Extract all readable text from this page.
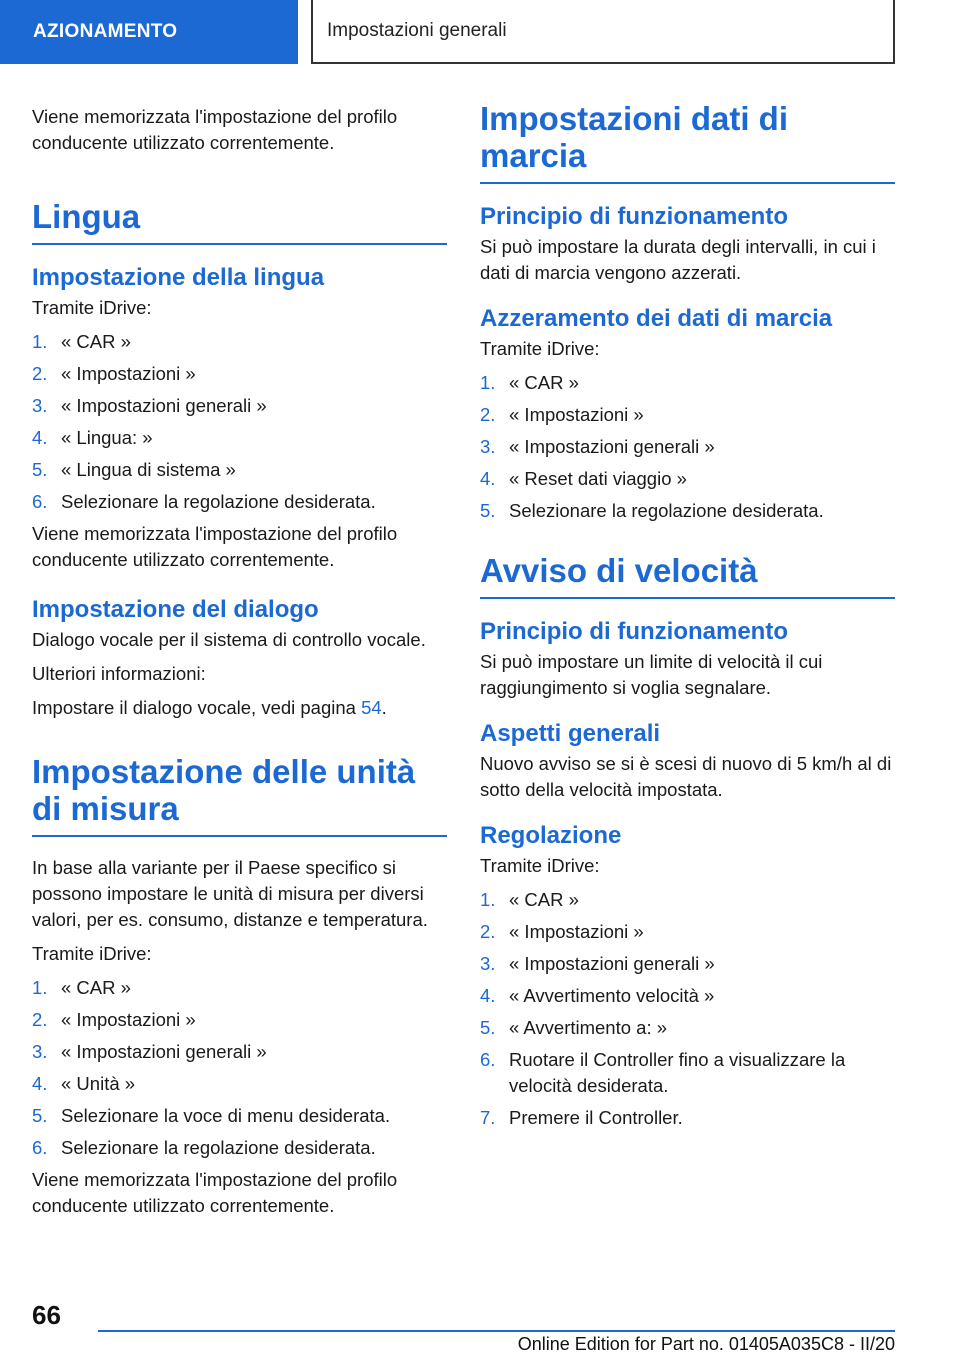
AZIONAMENTO	Impostazioni generali

Viene memorizzata l'impostazione del profilo conducente utilizzato correntemente.

Lingua
Impostazione della lingua

Tramite iDrive:

1. « CAR »
2. « Impostazioni »
3. « Impostazioni generali »
4. « Lingua: »
5. « Lingua di sistema »
6. Selezionare la regolazione desiderata.

Viene memorizzata l'impostazione del profilo conducente utilizzato correntemente.

Impostazione del dialogo

Dialogo vocale per il sistema di controllo vocale.

Ulteriori informazioni:

Impostare il dialogo vocale, vedi pagina 54.

Impostazione delle unità di misura

In base alla variante per il Paese specifico si possono impostare le unità di misura per diversi valori, per es. consumo, distanze e temperatura.

Tramite iDrive:

1. « CAR »
2. « Impostazioni »
3. « Impostazioni generali »
4. « Unità »
5. Selezionare la voce di menu desiderata.
6. Selezionare la regolazione desiderata.

Viene memorizzata l'impostazione del profilo conducente utilizzato correntemente.

Impostazioni dati di marcia
Principio di funzionamento

Si può impostare la durata degli intervalli, in cui i dati di marcia vengono azzerati.

Azzeramento dei dati di marcia

Tramite iDrive:

1. « CAR »
2. « Impostazioni »
3. « Impostazioni generali »
4. « Reset dati viaggio »
5. Selezionare la regolazione desiderata.
Avviso di velocità
Principio di funzionamento

Si può impostare un limite di velocità il cui raggiungimento si voglia segnalare.

Aspetti generali

Nuovo avviso se si è scesi di nuovo di 5 km/h al di sotto della velocità impostata.

Regolazione

Tramite iDrive:

1. « CAR »
2. « Impostazioni »
3. « Impostazioni generali »
4. « Avvertimento velocità »
5. « Avvertimento a: »
6. Ruotare il Controller fino a visualizzare la velocità desiderata.
7. Premere il Controller.
66
Online Edition for Part no. 01405A035C8 - II/20
